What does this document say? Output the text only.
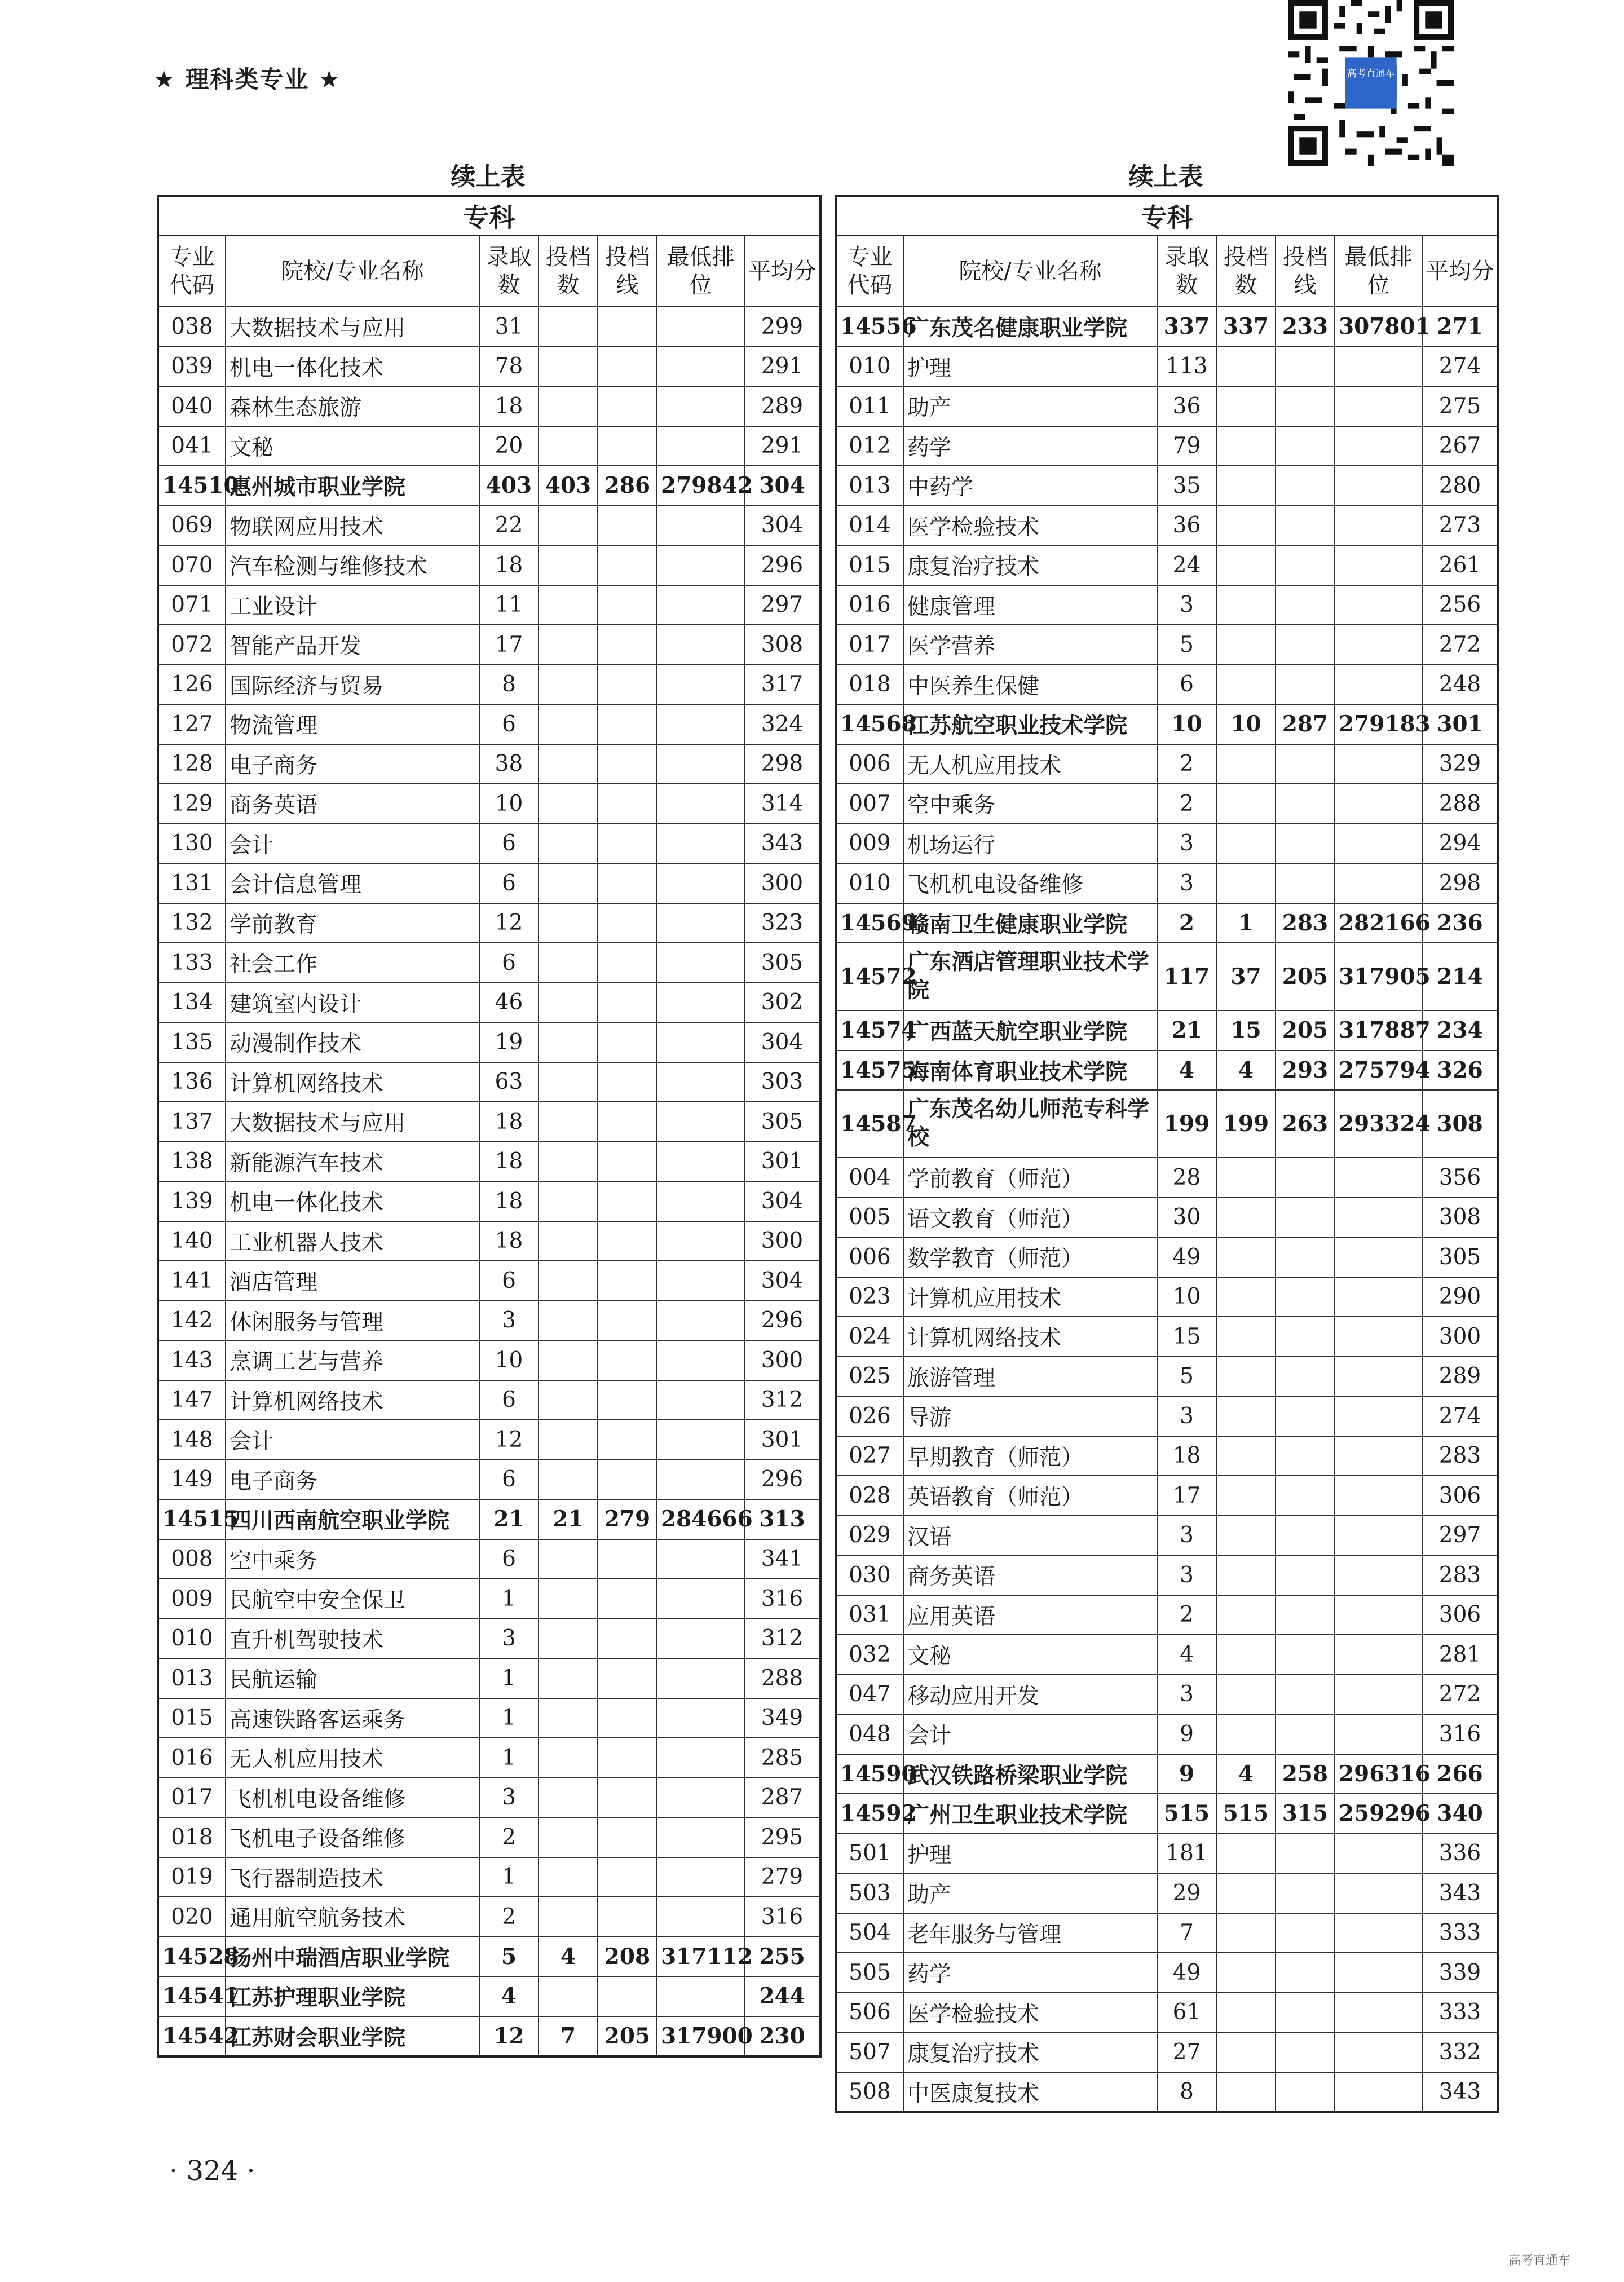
★ 理科类专业 ★	高考直通车
续上表
专科						
专业代码	院校/专业名称	录取数	投档数	投档线	最低排位	平均分
038	大数据技术与应用	31				299
039	机电一体化技术	78				291
040	森林生态旅游	18				289
041	文秘	20				291
14510	惠州城市职业学院	403	403	286	279842	304
069	物联网应用技术	22				304
070	汽车检测与维修技术	18				296
071	工业设计	11				297
072	智能产品开发	17				308
126	国际经济与贸易	8				317
127	物流管理	6				324
128	电子商务	38				298
129	商务英语	10				314
130	会计	6				343
131	会计信息管理	6				300
132	学前教育	12				323
133	社会工作	6				305
134	建筑室内设计	46				302
135	动漫制作技术	19				304
136	计算机网络技术	63				303
137	大数据技术与应用	18				305
138	新能源汽车技术	18				301
139	机电一体化技术	18				304
140	工业机器人技术	18				300
141	酒店管理	6				304
142	休闲服务与管理	3				296
143	烹调工艺与营养	10				300
147	计算机网络技术	6				312
148	会计	12				301
149	电子商务	6				296
14515	四川西南航空职业学院	21	21	279	284666	313
008	空中乘务	6				341
009	民航空中安全保卫	1				316
010	直升机驾驶技术	3				312
013	民航运输	1				288
015	高速铁路客运乘务	1				349
016	无人机应用技术	1				285
017	飞机机电设备维修	3				287
018	飞机电子设备维修	2				295
019	飞行器制造技术	1				279
020	通用航空航务技术	2				316
14528	扬州中瑞酒店职业学院	5	4	208	317112	255
14541	江苏护理职业学院	4				244
14542	江苏财会职业学院	12	7	205	317900	230
续上表
专科						
专业代码	院校/专业名称	录取数	投档数	投档线	最低排位	平均分
14556	广东茂名健康职业学院	337	337	233	307801	271
010	护理	113				274
011	助产	36				275
012	药学	79				267
013	中药学	35				280
014	医学检验技术	36				273
015	康复治疗技术	24				261
016	健康管理	3				256
017	医学营养	5				272
018	中医养生保健	6				248
14568	江苏航空职业技术学院	10	10	287	279183	301
006	无人机应用技术	2				329
007	空中乘务	2				288
009	机场运行	3				294
010	飞机机电设备维修	3				298
14569	赣南卫生健康职业学院	2	1	283	282166	236
14572	广东酒店管理职业技术学院	117	37	205	317905	214
14574	广西蓝天航空职业学院	21	15	205	317887	234
14575	海南体育职业技术学院	4	4	293	275794	326
14587	广东茂名幼儿师范专科学校	199	199	263	293324	308
004	学前教育（师范）	28				356
005	语文教育（师范）	30				308
006	数学教育（师范）	49				305
023	计算机应用技术	10				290
024	计算机网络技术	15				300
025	旅游管理	5				289
026	导游	3				274
027	早期教育（师范）	18				283
028	英语教育（师范）	17				306
029	汉语	3				297
030	商务英语	3				283
031	应用英语	2				306
032	文秘	4				281
047	移动应用开发	3				272
048	会计	9				316
14590	武汉铁路桥梁职业学院	9	4	258	296316	266
14592	广州卫生职业技术学院	515	515	315	259296	340
501	护理	181				336
503	助产	29				343
504	老年服务与管理	7				333
505	药学	49				339
506	医学检验技术	61				333
507	康复治疗技术	27				332
508	中医康复技术	8				343
· 324 ·
高考直通车
